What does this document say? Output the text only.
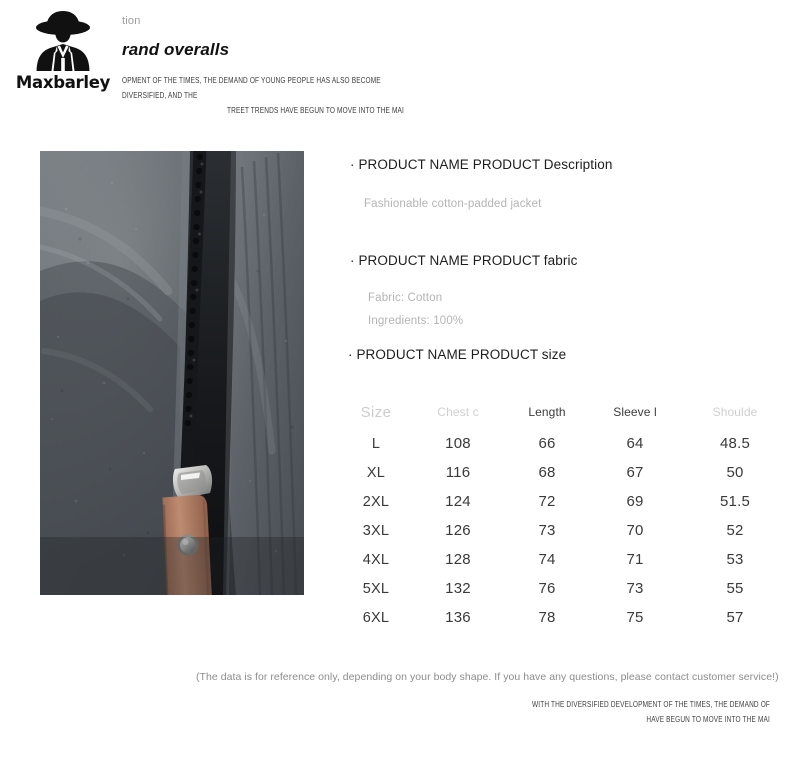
tion
rand overalls
OPMENT OF THE TIMES, THE DEMAND OF YOUNG PEOPLE HAS ALSO BECOME DIVERSIFIED, AND THE
TREET TRENDS HAVE BEGUN TO MOVE INTO THE MAI
Maxbarley
· PRODUCT NAME PRODUCT Description
Fashionable cotton-padded jacket
· PRODUCT NAME PRODUCT fabric
Fabric: Cotton
Ingredients: 100%
· PRODUCT NAME PRODUCT size
Size	Chest c	Length	Sleeve l	Shoulde
L	108	66	64	48.5
XL	116	68	67	50
2XL	124	72	69	51.5
3XL	126	73	70	52
4XL	128	74	71	53
5XL	132	76	73	55
6XL	136	78	75	57
(The data is for reference only, depending on your body shape. If you have any questions, please contact customer service!)
WITH THE DIVERSIFIED DEVELOPMENT OF THE TIMES, THE DEMAND OF
HAVE BEGUN TO MOVE INTO THE MAI
